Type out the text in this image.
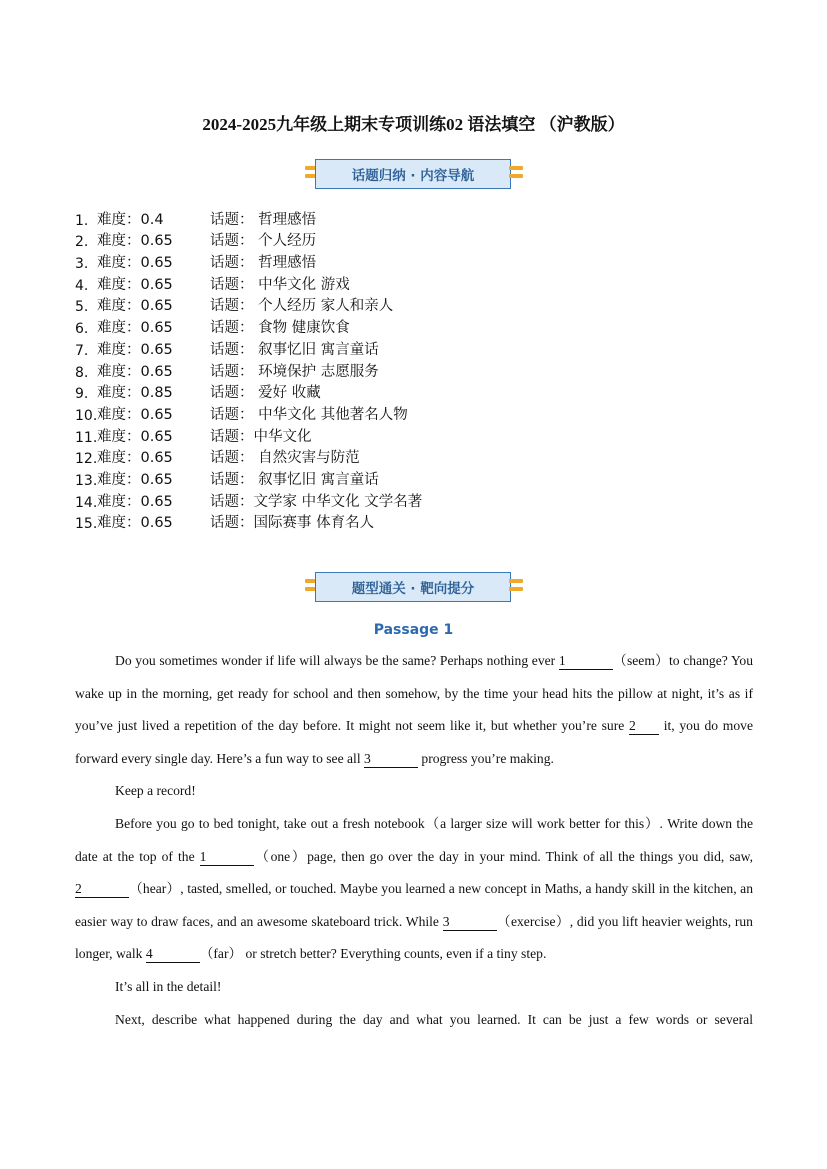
2024-2025九年级上期末专项训练02 语法填空 （沪教版）
话题归纳 · 内容导航
1. 难度：0.4	话题： 哲理感悟
2. 难度：0.65	话题： 个人经历
3. 难度：0.65	话题： 哲理感悟
4. 难度：0.65	话题： 中华文化 游戏
5. 难度：0.65	话题： 个人经历 家人和亲人
6. 难度：0.65	话题： 食物 健康饮食
7. 难度：0.65	话题： 叙事忆旧 寓言童话
8. 难度：0.65	话题： 环境保护 志愿服务
9. 难度：0.85	话题： 爱好 收藏
10. 难度：0.65	话题： 中华文化 其他著名人物
11. 难度：0.65	话题：中华文化
12. 难度：0.65	话题： 自然灾害与防范
13. 难度：0.65	话题： 叙事忆旧 寓言童话
14. 难度：0.65	话题：文学家 中华文化 文学名著
15. 难度：0.65	话题：国际赛事 体育名人
题型通关 · 靶向提分
Passage 1

Do you sometimes wonder if life will always be the same? Perhaps nothing ever 1	（seem）to change? You wake up in the morning, get ready for school and then somehow, by the time your head hits the pillow at night, it’s as if you’ve just lived a repetition of the day before. It might not seem like it, but whether you’re sure 2 it, you do move forward every single day. Here’s a fun way to see all 3	progress you’re making.

Keep a record!

Before you go to bed tonight, take out a fresh notebook（a larger size will work better for this）. Write down the date at the top of the 1	（one）page, then go over the day in your mind. Think of all the things you did, saw, 2	（hear）, tasted, smelled, or touched. Maybe you learned a new concept in Maths, a handy skill in the kitchen, an easier way to draw faces, and an awesome skateboard trick. While 3	（exercise）, did you lift heavier weights, run longer, walk 4	（far） or stretch better? Everything counts, even if a tiny step.

It’s all in the detail!

Next, describe what happened during the day and what you learned. It can be just a few words or several
